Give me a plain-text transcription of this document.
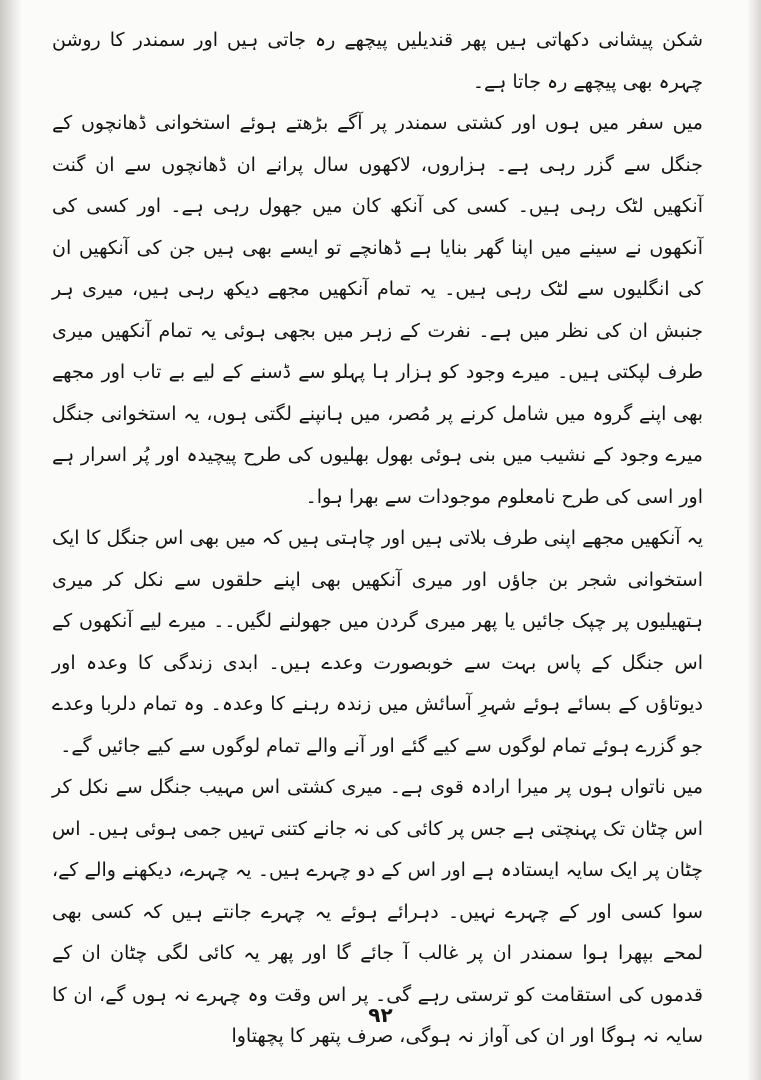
شکن پیشانی دکھاتی ہیں پھر قندیلیں پیچھے رہ جاتی ہیں اور سمندر کا روشن چہرہ بھی پیچھے رہ جاتا ہے۔

میں سفر میں ہوں اور کشتی سمندر پر آگے بڑھتے ہوئے استخوانی ڈھانچوں کے جنگل سے گزر رہی ہے۔ ہزاروں، لاکھوں سال پرانے ان ڈھانچوں سے ان گنت آنکھیں لٹک رہی ہیں۔ کسی کی آنکھ کان میں جھول رہی ہے۔ اور کسی کی آنکھوں نے سینے میں اپنا گھر بنایا ہے ڈھانچے تو ایسے بھی ہیں جن کی آنکھیں ان کی انگلیوں سے لٹک رہی ہیں۔ یہ تمام آنکھیں مجھے دیکھ رہی ہیں، میری ہر جنبش ان کی نظر میں ہے۔ نفرت کے زہر میں بجھی ہوئی یہ تمام آنکھیں میری طرف لپکتی ہیں۔ میرے وجود کو ہزار ہا پہلو سے ڈسنے کے لیے بے تاب اور مجھے بھی اپنے گروہ میں شامل کرنے پر مُصر، میں ہانپنے لگتی ہوں، یہ استخوانی جنگل میرے وجود کے نشیب میں بنی ہوئی بھول بھلیوں کی طرح پیچیدہ اور پُر اسرار ہے اور اسی کی طرح نامعلوم موجودات سے بھرا ہوا۔

یہ آنکھیں مجھے اپنی طرف بلاتی ہیں اور چاہتی ہیں کہ میں بھی اس جنگل کا ایک استخوانی شجر بن جاؤں اور میری آنکھیں بھی اپنے حلقوں سے نکل کر میری ہتھیلیوں پر چپک جائیں یا پھر میری گردن میں جھولنے لگیں۔۔ میرے لیے آنکھوں کے اس جنگل کے پاس بہت سے خوبصورت وعدے ہیں۔ ابدی زندگی کا وعدہ اور دیوتاؤں کے بسائے ہوئے شہرِ آسائش میں زندہ رہنے کا وعدہ۔ وہ تمام دلربا وعدے جو گزرے ہوئے تمام لوگوں سے کیے گئے اور آنے والے تمام لوگوں سے کیے جائیں گے۔

میں ناتواں ہوں پر میرا ارادہ قوی ہے۔ میری کشتی اس مہیب جنگل سے نکل کر اس چٹان تک پہنچتی ہے جس پر کائی کی نہ جانے کتنی تہیں جمی ہوئی ہیں۔ اس چٹان پر ایک سایہ ایستادہ ہے اور اس کے دو چہرے ہیں۔ یہ چہرے، دیکھنے والے کے، سوا کسی اور کے چہرے نہیں۔ دہرائے ہوئے یہ چہرے جانتے ہیں کہ کسی بھی لمحے بپھرا ہوا سمندر ان پر غالب آ جائے گا اور پھر یہ کائی لگی چٹان ان کے قدموں کی استقامت کو ترستی رہے گی۔ پر اس وقت وہ چہرے نہ ہوں گے، ان کا سایہ نہ ہوگا اور ان کی آواز نہ ہوگی، صرف پتھر کا پچھتاوا

۹۲
